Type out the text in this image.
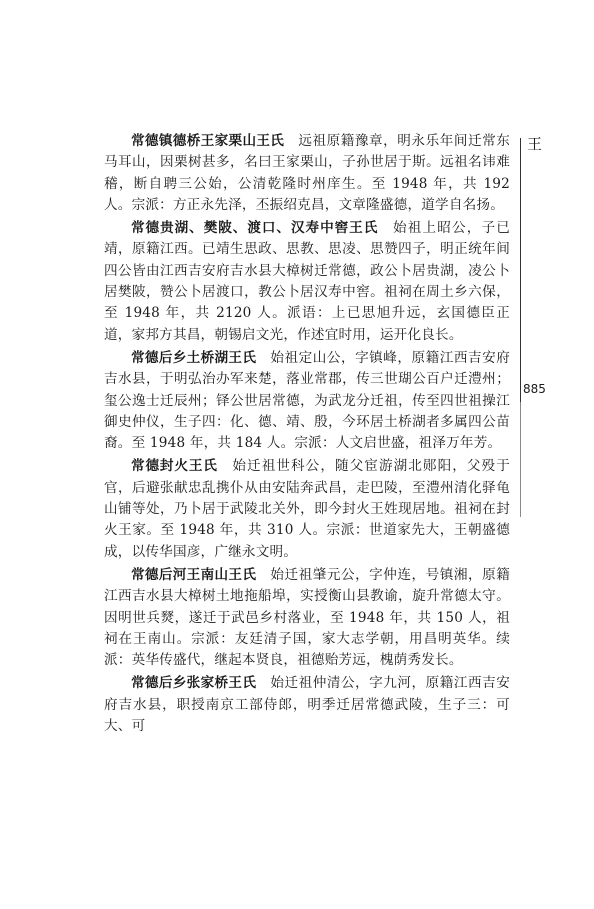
常德镇德桥王家栗山王氏　 远祖原籍豫章，明永乐年间迁常东马耳山，因栗树甚多，名曰王家栗山，子孙世居于斯。远祖名讳难稽，断自聘三公始，公清乾隆时州庠生。至 1948 年，共 192 人。宗派：方正永先泽，丕振绍克昌，文章隆盛德，道学自名扬。

常德贵湖、樊陂、渡口、汉寿中窖王氏　 始祖上昭公，子已靖，原籍江西。已靖生思政、思教、思凌、思赞四子，明正统年间四公皆由江西吉安府吉水县大樟树迁常德，政公卜居贵湖，凌公卜居樊陂，赞公卜居渡口，教公卜居汉寿中窖。祖祠在周土乡六保，至 1948 年，共 2120 人。派语：上已思旭升远，玄国德臣正道，家邦方其昌，朝锡启文光，作述宜时用，运开化良长。

常德后乡土桥湖王氏　 始祖定山公，字镇峰，原籍江西吉安府吉水县，于明弘治办军来楚，落业常郡，传三世瑚公百户迁澧州；玺公逸士迁辰州；铎公世居常德，为武龙分迁祖，传至四世祖操江御史仲仪，生子四：化、德、靖、殷，今环居土桥湖者多属四公苗裔。至 1948 年，共 184 人。宗派：人文启世盛，祖泽万年芳。

常德封火王氏　 始迁祖世科公，随父宦游湖北郧阳，父殁于官，后避张献忠乱携仆从由安陆奔武昌，走巴陵，至澧州清化驿龟山铺等处，乃卜居于武陵北关外，即今封火王姓现居地。祖祠在封火王家。至 1948 年，共 310 人。宗派：世道家先大，王朝盛德成，以传华国彦，广继永文明。

常德后河王南山王氏　 始迁祖肇元公，字仲连，号镇湘，原籍江西吉水县大樟树土地拖船埠，实授衡山县教谕，旋升常德太守。因明世兵燹，遂迁于武邑乡村落业，至 1948 年，共 150 人，祖祠在王南山。宗派：友廷清子国，家大志学朝，用昌明英华。续派：英华传盛代，继起本贤良，祖德贻芳远，槐荫秀发长。

常德后乡张家桥王氏　 始迁祖仲清公，字九河，原籍江西吉安府吉水县，职授南京工部侍郎，明季迁居常德武陵，生子三：可大、可

王
885
